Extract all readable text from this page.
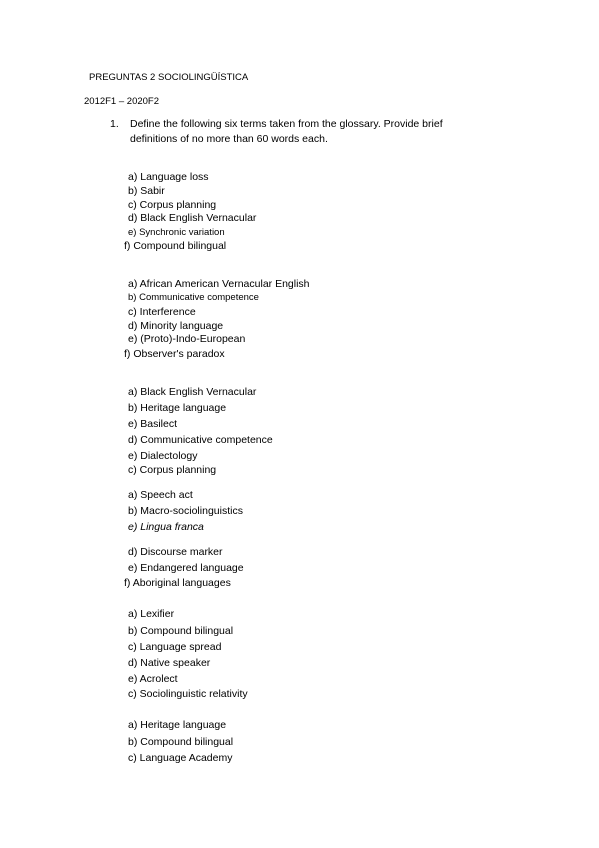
PREGUNTAS 2 SOCIOLINGÜÍSTICA
2012F1 – 2020F2
1. Define the following six terms taken from the glossary. Provide brief
definitions of no more than 60 words each.
a) Language loss
b) Sabir
c) Corpus planning
d) Black English Vernacular
e) Synchronic variation
f) Compound bilingual
a) African American Vernacular English
b) Communicative competence
c) Interference
d) Minority language
e) (Proto)-Indo-European
f) Observer's paradox
a) Black English Vernacular
b) Heritage language
e) Basilect
d) Communicative competence
e) Dialectology
c) Corpus planning
a) Speech act
b) Macro-sociolinguistics
e) Lingua franca
d) Discourse marker
e) Endangered language
f) Aboriginal languages
a) Lexifier
b) Compound bilingual
c) Language spread
d) Native speaker
e) Acrolect
c) Sociolinguistic relativity
a) Heritage language
b) Compound bilingual
c) Language Academy
